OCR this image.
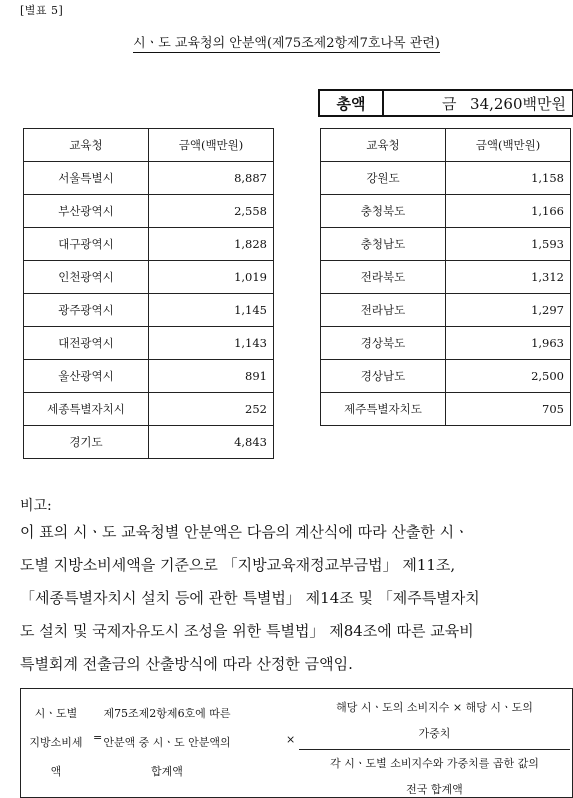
[별표 5]
시ㆍ도 교육청의 안분액(제75조제2항제7호나목 관련)
총액	금 34,260백만원
교육청	금액(백만원)
서울특별시	8,887
부산광역시	2,558
대구광역시	1,828
인천광역시	1,019
광주광역시	1,145
대전광역시	1,143
울산광역시	891
세종특별자치시	252
경기도	4,843
교육청	금액(백만원)
강원도	1,158
충청북도	1,166
충청남도	1,593
전라북도	1,312
전라남도	1,297
경상북도	1,963
경상남도	2,500
제주특별자치도	705
비고:
이 표의 시ㆍ도 교육청별 안분액은 다음의 계산식에 따라 산출한 시ㆍ
도별 지방소비세액을 기준으로 「지방교육재정교부금법」 제11조,
「세종특별자치시 설치 등에 관한 특별법」 제14조 및 「제주특별자치
도 설치 및 국제자유도시 조성을 위한 특별법」 제84조에 따른 교육비
특별회계 전출금의 산출방식에 따라 산정한 금액임.
시ㆍ도별
지방소비세
액
=
제75조제2항제6호에 따른
안분액 중 시ㆍ도 안분액의
합계액
×
해당 시ㆍ도의 소비지수 × 해당 시ㆍ도의
가중치
각 시ㆍ도별 소비지수와 가중치를 곱한 값의
전국 합계액
